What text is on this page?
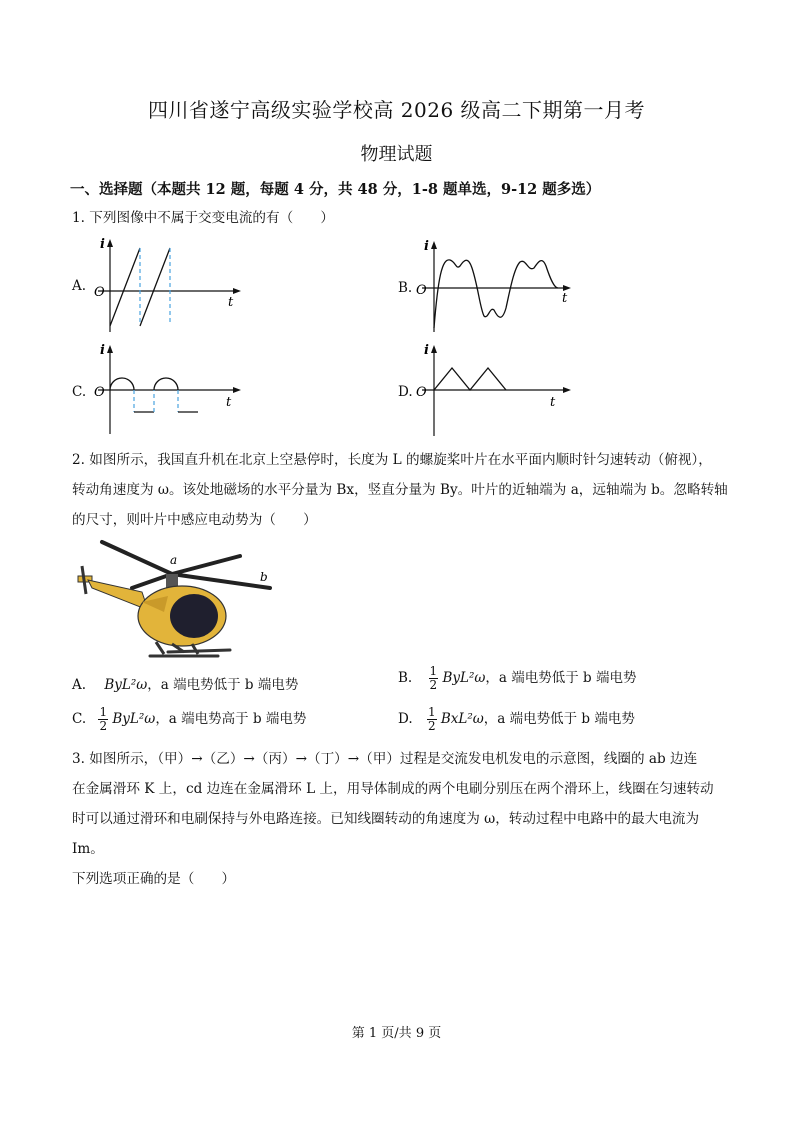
四川省遂宁高级实验学校高 2026 级高二下期第一月考
物理试题
一、选择题（本题共 12 题，每题 4 分，共 48 分，1-8 题单选，9-12 题多选）
1. 下列图像中不属于交变电流的有（　　）
A.	B.
C.	D.
i
O
t
i
O
t
i
O
t
i
O
t
2. 如图所示，我国直升机在北京上空悬停时，长度为 L 的螺旋桨叶片在水平面内顺时针匀速转动（俯视），
转动角速度为 ω。该处地磁场的水平分量为 Bx，竖直分量为 By。叶片的近轴端为 a，远轴端为 b。忽略转轴
的尺寸，则叶片中感应电动势为（　　）
a
b
A. ByL²ω，a 端电势低于 b 端电势	B. $\frac{1}{2} ByL^2\omega$，a 端电势低于 b 端电势
C. $\frac{1}{2} ByL^2\omega$，a 端电势高于 b 端电势	D. $\frac{1}{2} BxL^2\omega$，a 端电势低于 b 端电势
3. 如图所示，（甲）→（乙）→（丙）→（丁）→（甲）过程是交流发电机发电的示意图，线圈的 ab 边连
在金属滑环 K 上，cd 边连在金属滑环 L 上，用导体制成的两个电刷分别压在两个滑环上，线圈在匀速转动
时可以通过滑环和电刷保持与外电路连接。已知线圈转动的角速度为 ω，转动过程中电路中的最大电流为 Im。
下列选项正确的是（　　）
第 1 页/共 9 页
